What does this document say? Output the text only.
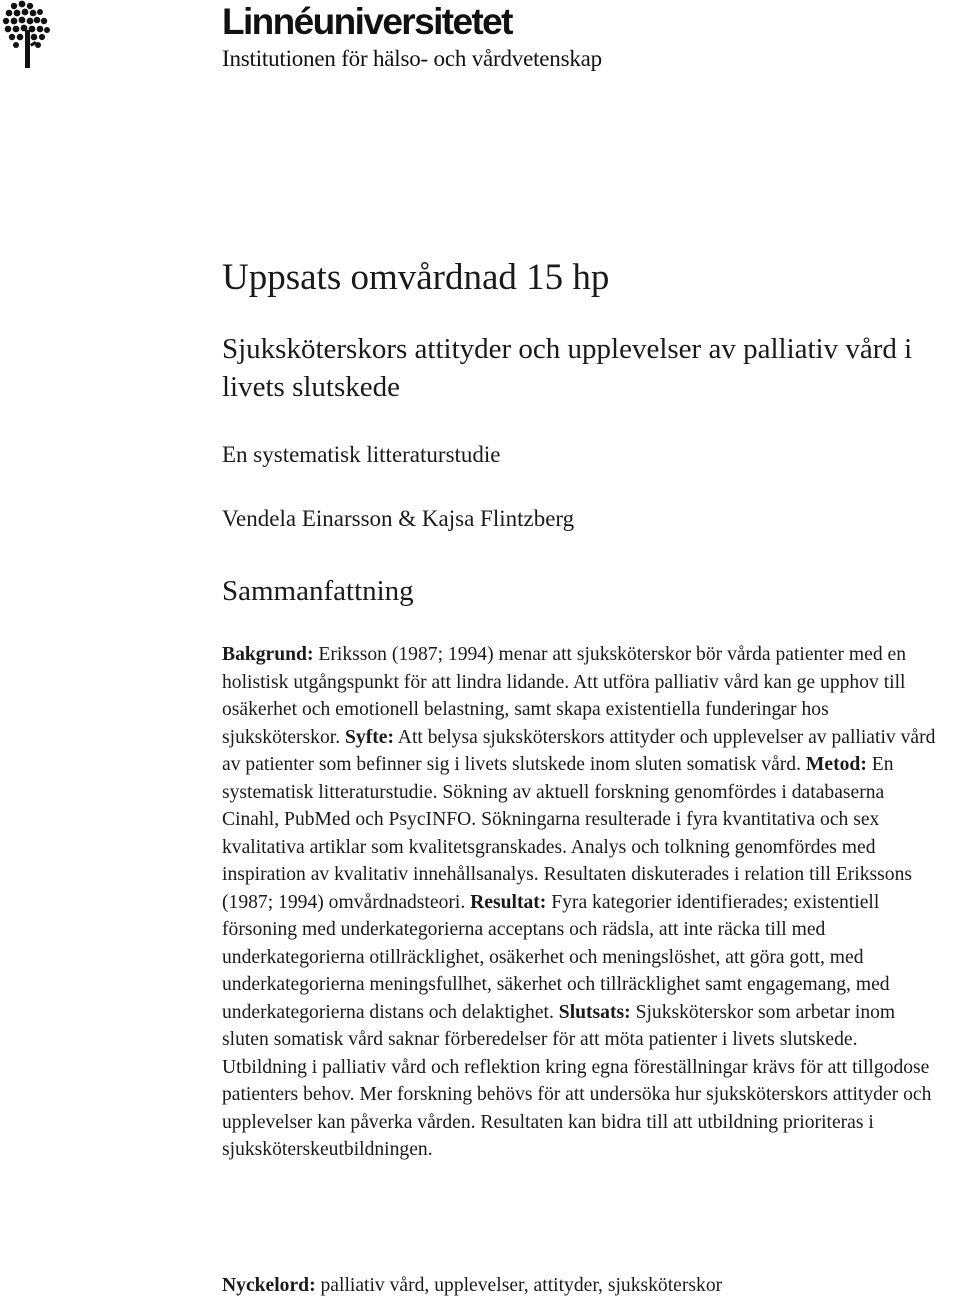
Linnéuniversitetet
Institutionen för hälso- och vårdvetenskap
Uppsats omvårdnad 15 hp
Sjuksköterskors attityder och upplevelser av palliativ vård i livets slutskede
En systematisk litteraturstudie
Vendela Einarsson & Kajsa Flintzberg
Sammanfattning

Bakgrund: Eriksson (1987; 1994) menar att sjuksköterskor bör vårda patienter med en holistisk utgångspunkt för att lindra lidande. Att utföra palliativ vård kan ge upphov till osäkerhet och emotionell belastning, samt skapa existentiella funderingar hos sjuksköterskor. Syfte: Att belysa sjuksköterskors attityder och upplevelser av palliativ vård av patienter som befinner sig i livets slutskede inom sluten somatisk vård. Metod: En systematisk litteraturstudie. Sökning av aktuell forskning genomfördes i databaserna Cinahl, PubMed och PsycINFO. Sökningarna resulterade i fyra kvantitativa och sex kvalitativa artiklar som kvalitetsgranskades. Analys och tolkning genomfördes med inspiration av kvalitativ innehållsanalys. Resultaten diskuterades i relation till Erikssons (1987; 1994) omvårdnadsteori. Resultat: Fyra kategorier identifierades; existentiell försoning med underkategorierna acceptans och rädsla, att inte räcka till med underkategorierna otillräcklighet, osäkerhet och meningslöshet, att göra gott, med underkategorierna meningsfullhet, säkerhet och tillräcklighet samt engagemang, med underkategorierna distans och delaktighet. Slutsats: Sjuksköterskor som arbetar inom sluten somatisk vård saknar förberedelser för att möta patienter i livets slutskede. Utbildning i palliativ vård och reflektion kring egna föreställningar krävs för att tillgodose patienters behov. Mer forskning behövs för att undersöka hur sjuksköterskors attityder och upplevelser kan påverka vården. Resultaten kan bidra till att utbildning prioriteras i sjuksköterskeutbildningen.

Nyckelord: palliativ vård, upplevelser, attityder, sjuksköterskor
